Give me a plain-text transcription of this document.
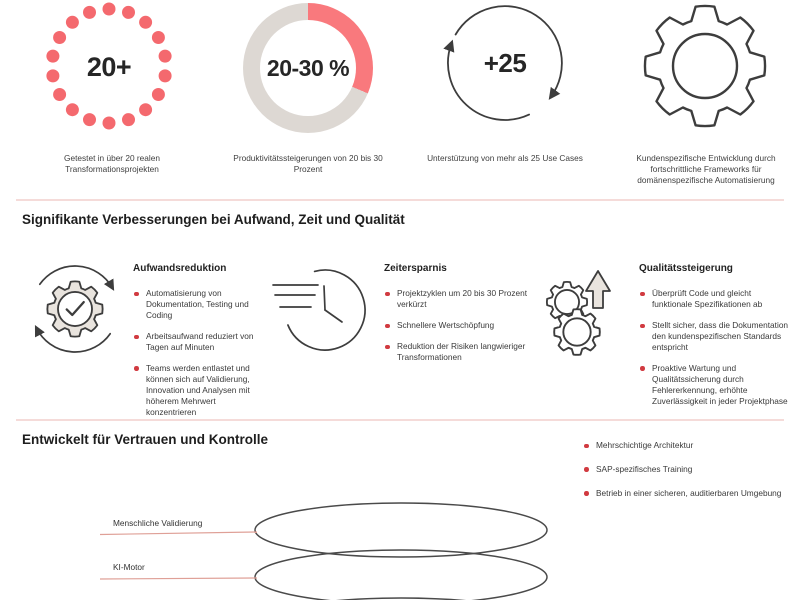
20+
Getestet in über 20 realen Transformationsprojekten
20-30 %
Produktivitätssteigerungen von 20 bis 30 Prozent
+25
Unterstützung von mehr als 25 Use Cases	Kundenspezifische Entwicklung durch fortschrittliche Frameworks für domänenspezifische Automatisierung
Signifikante Verbesserungen bei Aufwand, Zeit und Qualität
Aufwandsreduktion
Automatisierung von Dokumentation, Testing und Coding
Arbeitsaufwand reduziert von Tagen auf Minuten
Teams werden entlastet und können sich auf Validierung, Innovation und Analysen mit höherem Mehrwert konzentrieren
Zeitersparnis
Projektzyklen um 20 bis 30 Prozent verkürzt
Schnellere Wertschöpfung
Reduktion der Risiken langwieriger Transformationen
Qualitätssteigerung
Überprüft Code und gleicht funktionale Spezifikationen ab
Stellt sicher, dass die Dokumentation den kundenspezifischen Standards entspricht
Proaktive Wartung und Qualitätssicherung durch Fehlererkennung, erhöhte Zuverlässigkeit in jeder Projektphase
Entwickelt für Vertrauen und Kontrolle	Mehrschichtige Architektur
SAP-spezifisches Training
Betrieb in einer sicheren, auditierbaren Umgebung
Menschliche Validierung
KI-Motor
